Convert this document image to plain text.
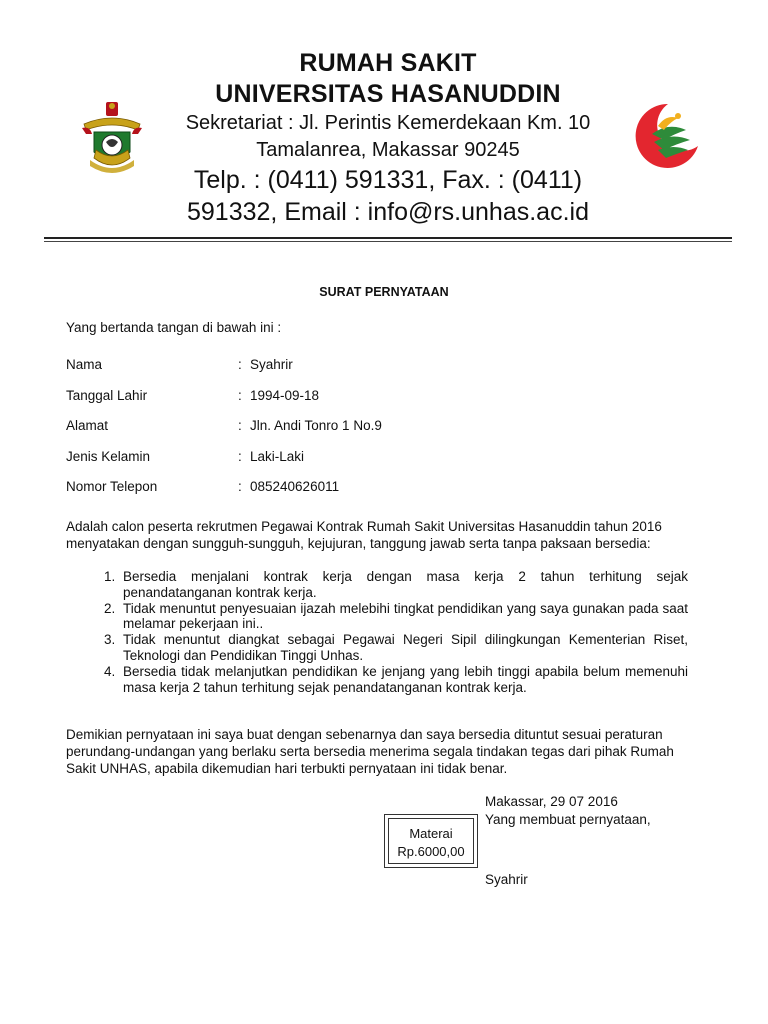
RUMAH SAKIT
UNIVERSITAS HASANUDDIN
Sekretariat : Jl. Perintis Kemerdekaan Km. 10
Tamalanrea, Makassar 90245
Telp. : (0411) 591331, Fax. : (0411)
591332, Email : info@rs.unhas.ac.id
SURAT PERNYATAAN
Yang bertanda tangan di bawah ini :
Nama	: Syahrir
Tanggal Lahir	: 1994-09-18
Alamat	: Jln. Andi Tonro 1 No.9
Jenis Kelamin	: Laki-Laki
Nomor Telepon	: 085240626011
Adalah calon peserta rekrutmen Pegawai Kontrak Rumah Sakit Universitas Hasanuddin tahun 2016 menyatakan dengan sungguh-sungguh, kejujuran, tanggung jawab serta tanpa paksaan bersedia:
1. Bersedia menjalani kontrak kerja dengan masa kerja 2 tahun terhitung sejak penandatanganan kontrak kerja.
2. Tidak menuntut penyesuaian ijazah melebihi tingkat pendidikan yang saya gunakan pada saat melamar pekerjaan ini..
3. Tidak menuntut diangkat sebagai Pegawai Negeri Sipil dilingkungan Kementerian Riset, Teknologi dan Pendidikan Tinggi Unhas.
4. Bersedia tidak melanjutkan pendidikan ke jenjang yang lebih tinggi apabila belum memenuhi masa kerja 2 tahun terhitung sejak penandatanganan kontrak kerja.
Demikian pernyataan ini saya buat dengan sebenarnya dan saya bersedia dituntut sesuai peraturan perundang-undangan yang berlaku serta bersedia menerima segala tindakan tegas dari pihak Rumah Sakit UNHAS, apabila dikemudian hari terbukti pernyataan ini tidak benar.
Makassar, 29 07 2016
Yang membuat pernyataan,
Materai
Rp.6000,00
Syahrir
